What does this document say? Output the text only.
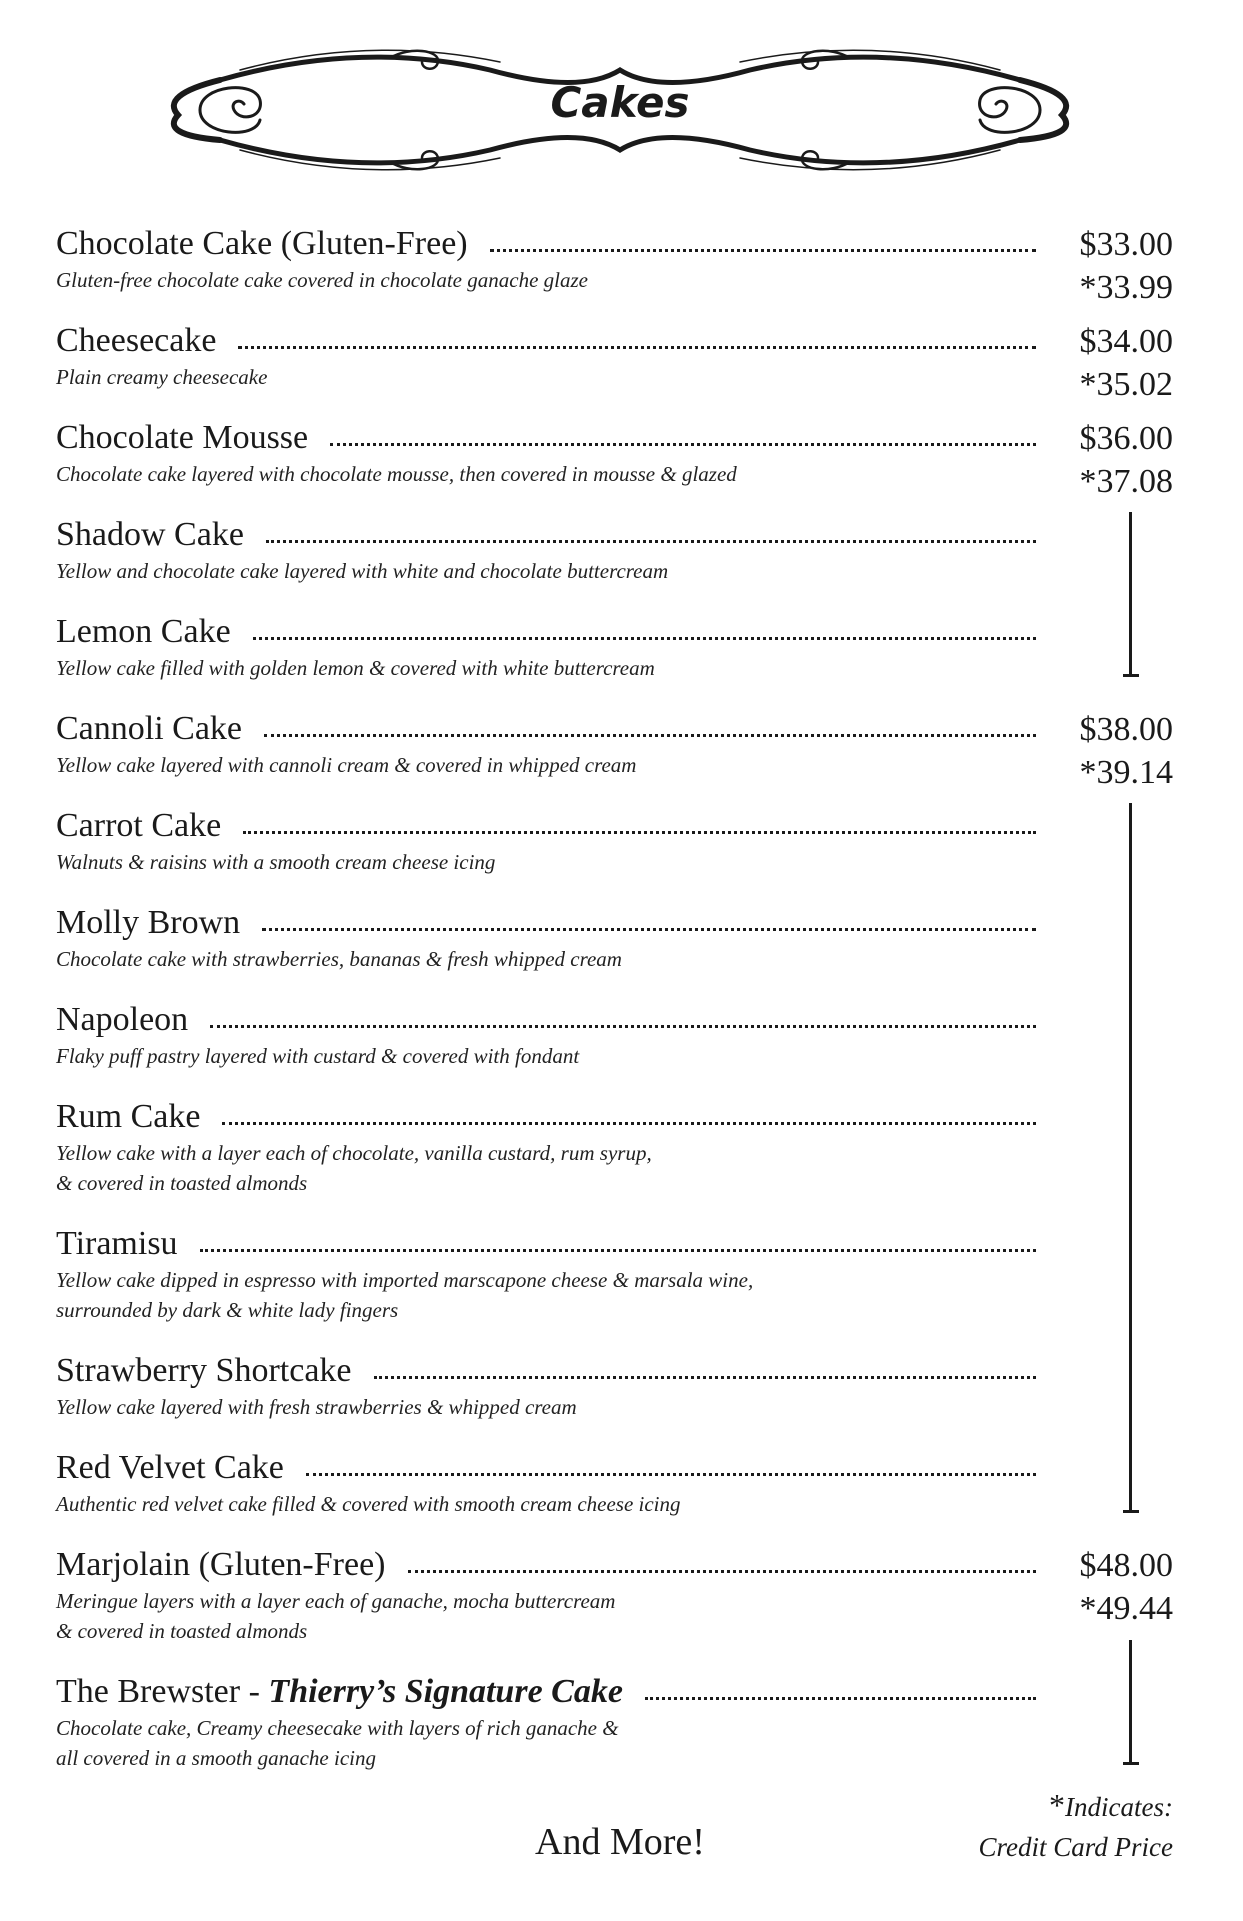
Cakes
Chocolate Cake (Gluten-Free)
Gluten-free chocolate cake covered in chocolate ganache glaze
Cheesecake
Plain creamy cheesecake
Chocolate Mousse
Chocolate cake layered with chocolate mousse, then covered in mousse & glazed
Shadow Cake
Yellow and chocolate cake layered with white and chocolate buttercream
Lemon Cake
Yellow cake filled with golden lemon & covered with white buttercream
Cannoli Cake
Yellow cake layered with cannoli cream & covered in whipped cream
Carrot Cake
Walnuts & raisins with a smooth cream cheese icing
Molly Brown
Chocolate cake with strawberries, bananas & fresh whipped cream
Napoleon
Flaky puff pastry layered with custard & covered with fondant
Rum Cake
Yellow cake with a layer each of chocolate, vanilla custard, rum syrup,
& covered in toasted almonds
Tiramisu
Yellow cake dipped in espresso with imported marscapone cheese & marsala wine,
surrounded by dark & white lady fingers
Strawberry Shortcake
Yellow cake layered with fresh strawberries & whipped cream
Red Velvet Cake
Authentic red velvet cake filled & covered with smooth cream cheese icing
Marjolain (Gluten-Free)
Meringue layers with a layer each of ganache, mocha buttercream
& covered in toasted almonds
The Brewster - Thierry’s Signature Cake
Chocolate cake, Creamy cheesecake with layers of rich ganache &
all covered in a smooth ganache icing
$33.00
*33.99
$34.00
*35.02
$36.00
*37.08
$38.00
*39.14
$48.00
*49.44
And More!
*Indicates:
Credit Card Price
